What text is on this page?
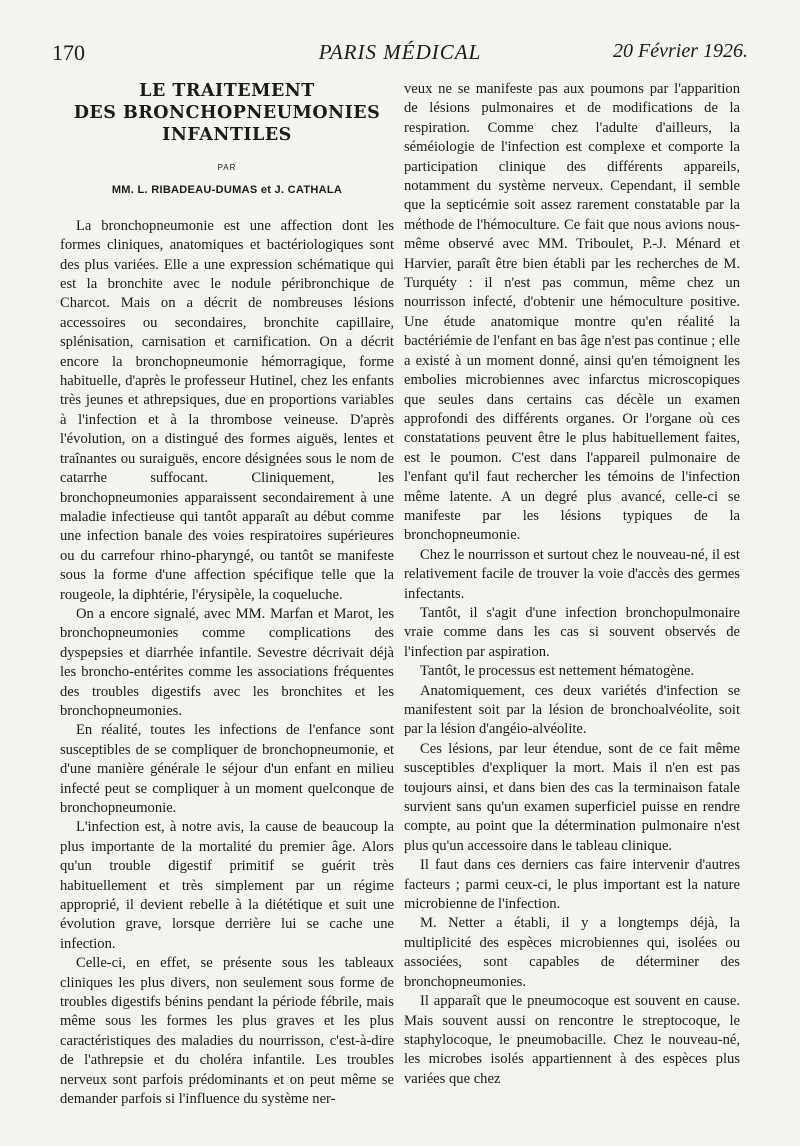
170	PARIS MÉDICAL	20 Février 1926.
LE TRAITEMENT
DES BRONCHOPNEUMONIES
INFANTILES
PAR
MM. L. RIBADEAU-DUMAS et J. CATHALA

La bronchopneumonie est une affection dont les formes cliniques, anatomiques et bactériologiques sont des plus variées. Elle a une expression schématique qui est la bronchite avec le nodule péribronchique de Charcot. Mais on a décrit de nombreuses lésions accessoires ou secondaires, bronchite capillaire, splénisation, carnisation et carnification. On a décrit encore la bronchopneumonie hémorragique, forme habituelle, d'après le professeur Hutinel, chez les enfants très jeunes et athrepsiques, due en proportions variables à l'infection et à la thrombose veineuse. D'après l'évolution, on a distingué des formes aiguës, lentes et traînantes ou suraiguës, encore désignées sous le nom de catarrhe suffocant. Cliniquement, les bronchopneumonies apparaissent secondairement à une maladie infectieuse qui tantôt apparaît au début comme une infection banale des voies respiratoires supérieures ou du carrefour rhino-pharyngé, ou tantôt se manifeste sous la forme d'une affection spécifique telle que la rougeole, la diphtérie, l'érysipèle, la coqueluche.

On a encore signalé, avec MM. Marfan et Marot, les bronchopneumonies comme complications des dyspepsies et diarrhée infantile. Sevestre décrivait déjà les broncho-entérites comme les associations fréquentes des troubles digestifs avec les bronchites et les bronchopneumonies.

En réalité, toutes les infections de l'enfance sont susceptibles de se compliquer de bronchopneumonie, et d'une manière générale le séjour d'un enfant en milieu infecté peut se compliquer à un moment quelconque de bronchopneumonie.

L'infection est, à notre avis, la cause de beaucoup la plus importante de la mortalité du premier âge. Alors qu'un trouble digestif primitif se guérit très habituellement et très simplement par un régime approprié, il devient rebelle à la diététique et suit une évolution grave, lorsque derrière lui se cache une infection.

Celle-ci, en effet, se présente sous les tableaux cliniques les plus divers, non seulement sous forme de troubles digestifs bénins pendant la période fébrile, mais même sous les formes les plus graves et les plus caractéristiques des maladies du nourrisson, c'est-à-dire de l'athrepsie et du choléra infantile. Les troubles nerveux sont parfois prédominants et on peut même se demander parfois si l'influence du système ner-

veux ne se manifeste pas aux poumons par l'apparition de lésions pulmonaires et de modifications de la respiration. Comme chez l'adulte d'ailleurs, la séméiologie de l'infection est complexe et comporte la participation clinique des différents appareils, notamment du système nerveux. Cependant, il semble que la septicémie soit assez rarement constatable par la méthode de l'hémoculture. Ce fait que nous avions nous-même observé avec MM. Triboulet, P.-J. Ménard et Harvier, paraît être bien établi par les recherches de M. Turquéty : il n'est pas commun, même chez un nourrisson infecté, d'obtenir une hémoculture positive. Une étude anatomique montre qu'en réalité la bactériémie de l'enfant en bas âge n'est pas continue ; elle a existé à un moment donné, ainsi qu'en témoignent les embolies microbiennes avec infarctus microscopiques que seules dans certains cas décèle un examen approfondi des différents organes. Or l'organe où ces constatations peuvent être le plus habituellement faites, est le poumon. C'est dans l'appareil pulmonaire de l'enfant qu'il faut rechercher les témoins de l'infection même latente. A un degré plus avancé, celle-ci se manifeste par les lésions typiques de la bronchopneumonie.

Chez le nourrisson et surtout chez le nouveau-né, il est relativement facile de trouver la voie d'accès des germes infectants.

Tantôt, il s'agit d'une infection bronchopulmonaire vraie comme dans les cas si souvent observés de l'infection par aspiration.

Tantôt, le processus est nettement hématogène.

Anatomiquement, ces deux variétés d'infection se manifestent soit par la lésion de bronchoalvéolite, soit par la lésion d'angéio-alvéolite.

Ces lésions, par leur étendue, sont de ce fait même susceptibles d'expliquer la mort. Mais il n'en est pas toujours ainsi, et dans bien des cas la terminaison fatale survient sans qu'un examen superficiel puisse en rendre compte, au point que la détermination pulmonaire n'est plus qu'un accessoire dans le tableau clinique.

Il faut dans ces derniers cas faire intervenir d'autres facteurs ; parmi ceux-ci, le plus important est la nature microbienne de l'infection.

M. Netter a établi, il y a longtemps déjà, la multiplicité des espèces microbiennes qui, isolées ou associées, sont capables de déterminer des bronchopneumonies.

Il apparaît que le pneumocoque est souvent en cause. Mais souvent aussi on rencontre le streptocoque, le staphylocoque, le pneumobacille. Chez le nouveau-né, les microbes isolés appartiennent à des espèces plus variées que chez
